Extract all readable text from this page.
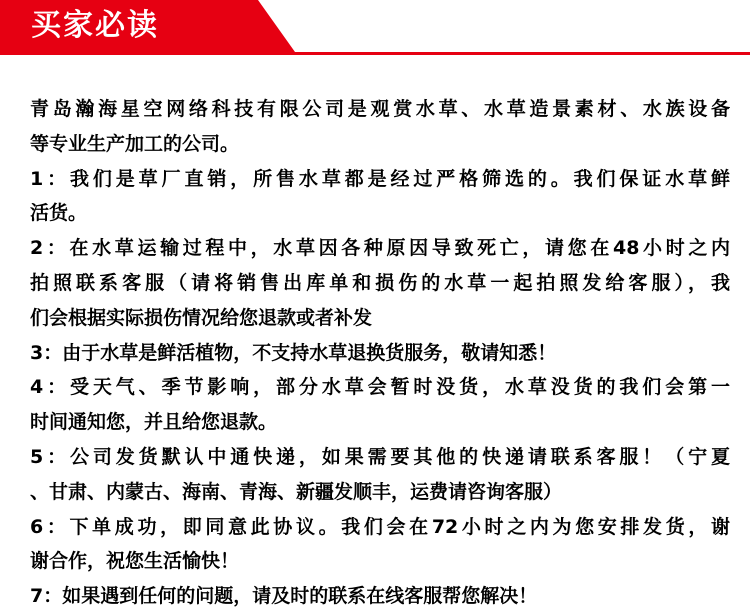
买家必读
青岛瀚海星空网络科技有限公司是观赏水草、水草造景素材、水族设备
等专业生产加工的公司。
1：我们是草厂直销，所售水草都是经过严格筛选的。我们保证水草鲜
活货。
2：在水草运输过程中，水草因各种原因导致死亡，请您在48小时之内
拍照联系客服（请将销售出库单和损伤的水草一起拍照发给客服），我
们会根据实际损伤情况给您退款或者补发
3：由于水草是鲜活植物，不支持水草退换货服务，敬请知悉！
4：受天气、季节影响，部分水草会暂时没货，水草没货的我们会第一
时间通知您，并且给您退款。
5：公司发货默认中通快递，如果需要其他的快递请联系客服！（宁夏
、甘肃、内蒙古、海南、青海、新疆发顺丰，运费请咨询客服）
6：下单成功，即同意此协议。我们会在72小时之内为您安排发货，谢
谢合作，祝您生活愉快！
7：如果遇到任何的问题，请及时的联系在线客服帮您解决！
